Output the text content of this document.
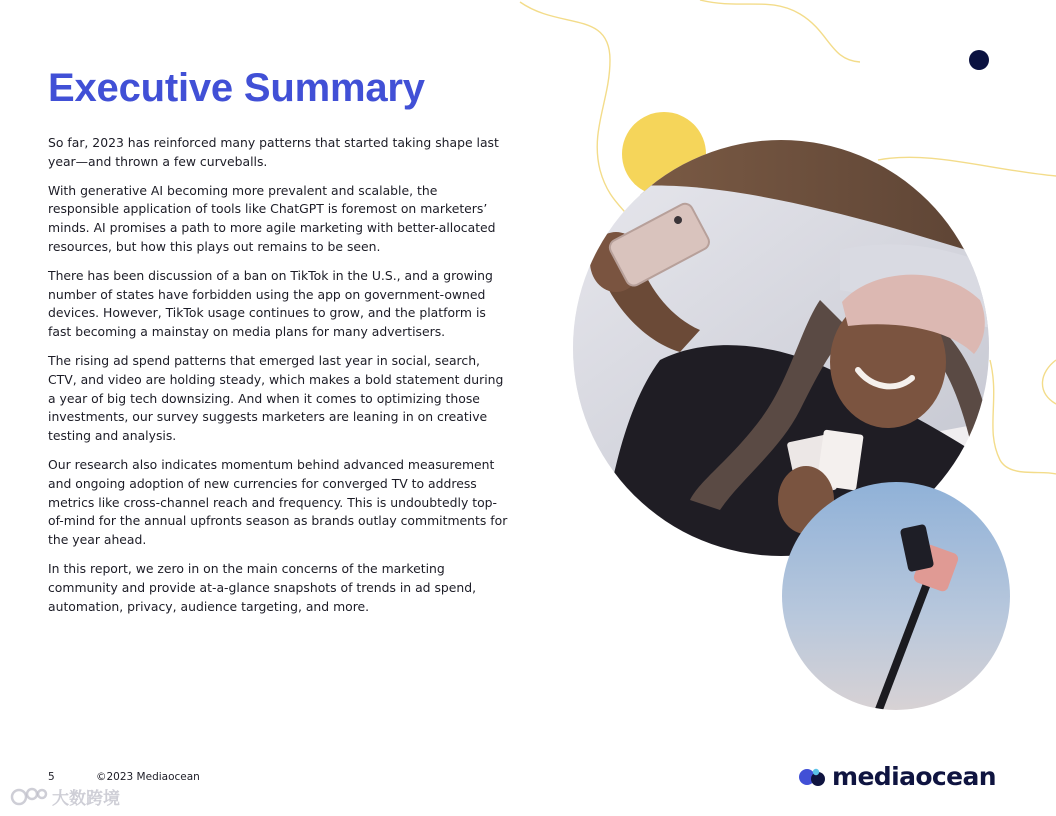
Executive Summary

So far, 2023 has reinforced many patterns that started taking shape last year—and thrown a few curveballs.

With generative AI becoming more prevalent and scalable, the responsible application of tools like ChatGPT is foremost on marketers’ minds. AI promises a path to more agile marketing with better-allocated resources, but how this plays out remains to be seen.

There has been discussion of a ban on TikTok in the U.S., and a growing number of states have forbidden using the app on government-owned devices. However, TikTok usage continues to grow, and the platform is fast becoming a mainstay on media plans for many advertisers.

The rising ad spend patterns that emerged last year in social, search, CTV, and video are holding steady, which makes a bold statement during a year of big tech downsizing. And when it comes to optimizing those investments, our survey suggests marketers are leaning in on creative testing and analysis.

Our research also indicates momentum behind advanced measurement and ongoing adoption of new currencies for converged TV to address metrics like cross-channel reach and frequency. This is undoubtedly top-of-mind for the annual upfronts season as brands outlay commitments for the year ahead.

In this report, we zero in on the main concerns of the marketing community and provide at-a-glance snapshots of trends in ad spend, automation, privacy, audience targeting, and more.

5	©2023 Mediaocean	mediaocean
大数跨境
